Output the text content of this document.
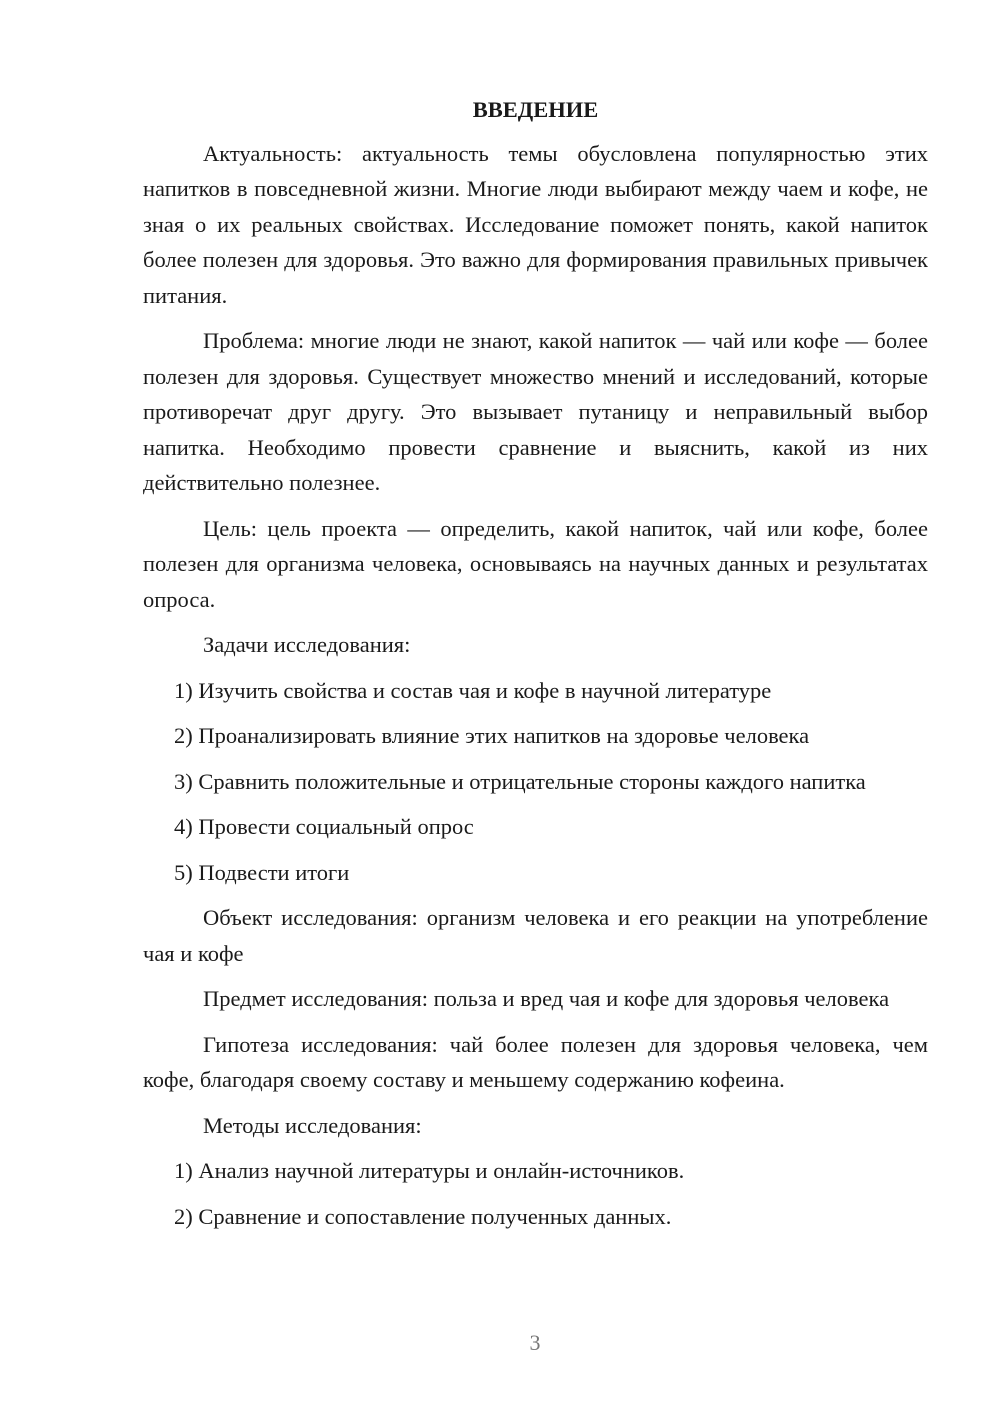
ВВЕДЕНИЕ

Актуальность: актуальность темы обусловлена популярностью этих напитков в повседневной жизни. Многие люди выбирают между чаем и кофе, не зная о их реальных свойствах. Исследование поможет понять, какой напиток более полезен для здоровья. Это важно для формирования правильных привычек питания.

Проблема: многие люди не знают, какой напиток — чай или кофе — более полезен для здоровья. Существует множество мнений и исследований, которые противоречат друг другу. Это вызывает путаницу и неправильный выбор напитка. Необходимо провести сравнение и выяснить, какой из них действительно полезнее.

Цель: цель проекта — определить, какой напиток, чай или кофе, более полезен для организма человека, основываясь на научных данных и результатах опроса.

Задачи исследования:

1) Изучить свойства и состав чая и кофе в научной литературе

2) Проанализировать влияние этих напитков на здоровье человека

3) Сравнить положительные и отрицательные стороны каждого напитка

4) Провести социальный опрос

5) Подвести итоги

Объект исследования: организм человека и его реакции на употребление чая и кофе

Предмет исследования: польза и вред чая и кофе для здоровья человека

Гипотеза исследования: чай более полезен для здоровья человека, чем кофе, благодаря своему составу и меньшему содержанию кофеина.

Методы исследования:

1) Анализ научной литературы и онлайн-источников.

2) Сравнение и сопоставление полученных данных.

3
